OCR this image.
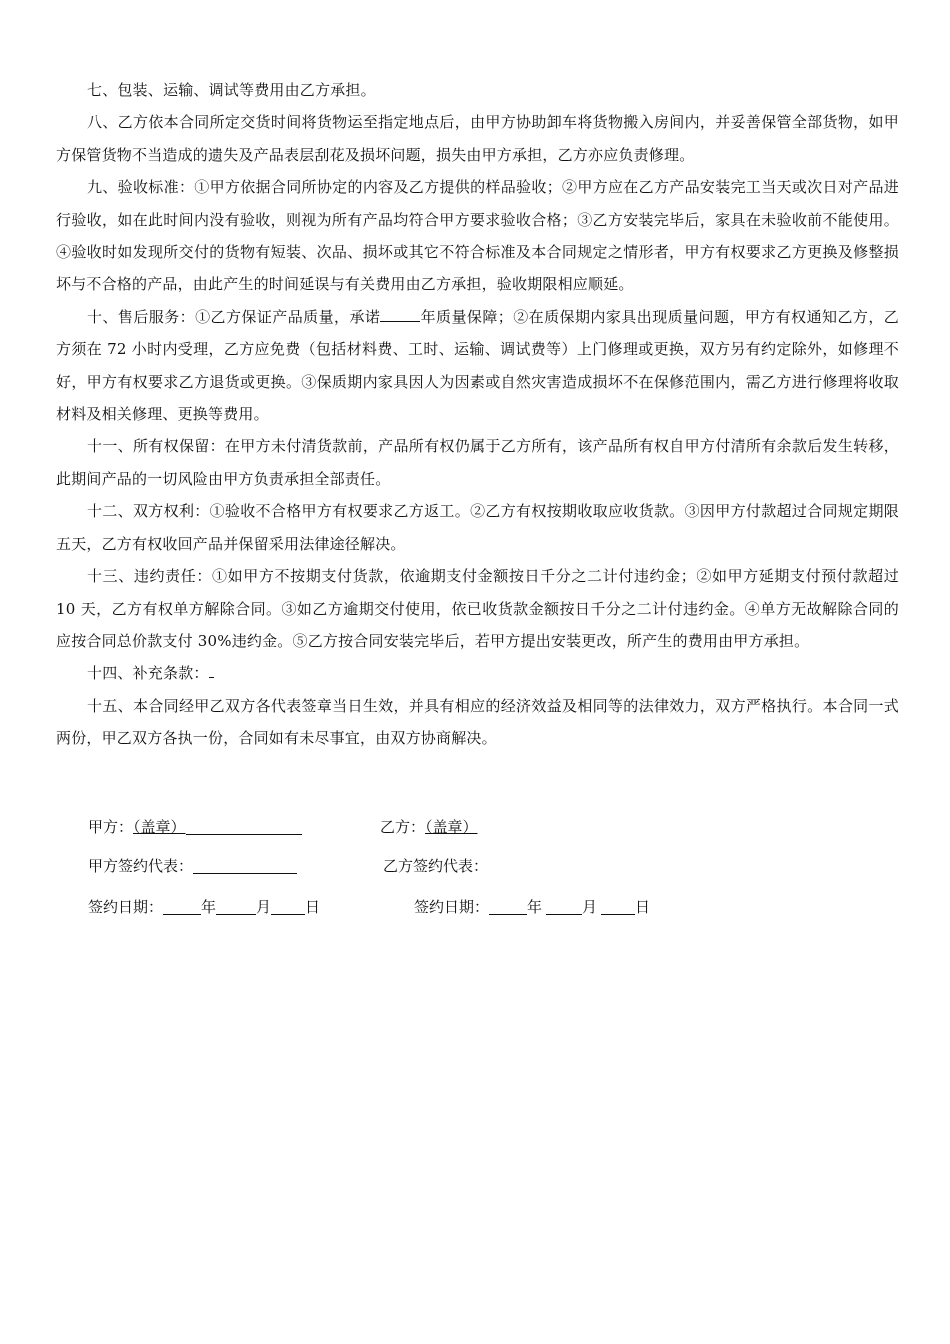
七、包装、运输、调试等费用由乙方承担。

八、乙方依本合同所定交货时间将货物运至指定地点后，由甲方协助卸车将货物搬入房间内，并妥善保管全部货物，如甲方保管货物不当造成的遗失及产品表层刮花及损坏问题，损失由甲方承担，乙方亦应负责修理。

九、验收标准：①甲方依据合同所协定的内容及乙方提供的样品验收；②甲方应在乙方产品安装完工当天或次日对产品进行验收，如在此时间内没有验收，则视为所有产品均符合甲方要求验收合格；③乙方安装完毕后，家具在未验收前不能使用。④验收时如发现所交付的货物有短装、次品、损坏或其它不符合标准及本合同规定之情形者，甲方有权要求乙方更换及修整损坏与不合格的产品，由此产生的时间延误与有关费用由乙方承担，验收期限相应顺延。

十、售后服务：①乙方保证产品质量，承诺	年质量保障；②在质保期内家具出现质量问题，甲方有权通知乙方，乙方须在 72 小时内受理，乙方应免费（包括材料费、工时、运输、调试费等）上门修理或更换，双方另有约定除外，如修理不好，甲方有权要求乙方退货或更换。③保质期内家具因人为因素或自然灾害造成损坏不在保修范围内，需乙方进行修理将收取材料及相关修理、更换等费用。

十一、所有权保留：在甲方未付清货款前，产品所有权仍属于乙方所有，该产品所有权自甲方付清所有余款后发生转移，此期间产品的一切风险由甲方负责承担全部责任。

十二、双方权利：①验收不合格甲方有权要求乙方返工。②乙方有权按期收取应收货款。③因甲方付款超过合同规定期限五天，乙方有权收回产品并保留采用法律途径解决。

十三、违约责任：①如甲方不按期支付货款，依逾期支付金额按日千分之二计付违约金；②如甲方延期支付预付款超过 10 天，乙方有权单方解除合同。③如乙方逾期交付使用，依已收货款金额按日千分之二计付违约金。④单方无故解除合同的应按合同总价款支付 30%违约金。⑤乙方按合同安装完毕后，若甲方提出安装更改，所产生的费用由甲方承担。

十四、补充条款：

十五、本合同经甲乙双方各代表签章当日生效，并具有相应的经济效益及相同等的法律效力，双方严格执行。本合同一式两份，甲乙双方各执一份，合同如有未尽事宜，由双方协商解决。

甲方：（盖章）	乙方：（盖章）
甲方签约代表：	乙方签约代表：
签约日期：	年	月 日	签约日期：	年	月	日
